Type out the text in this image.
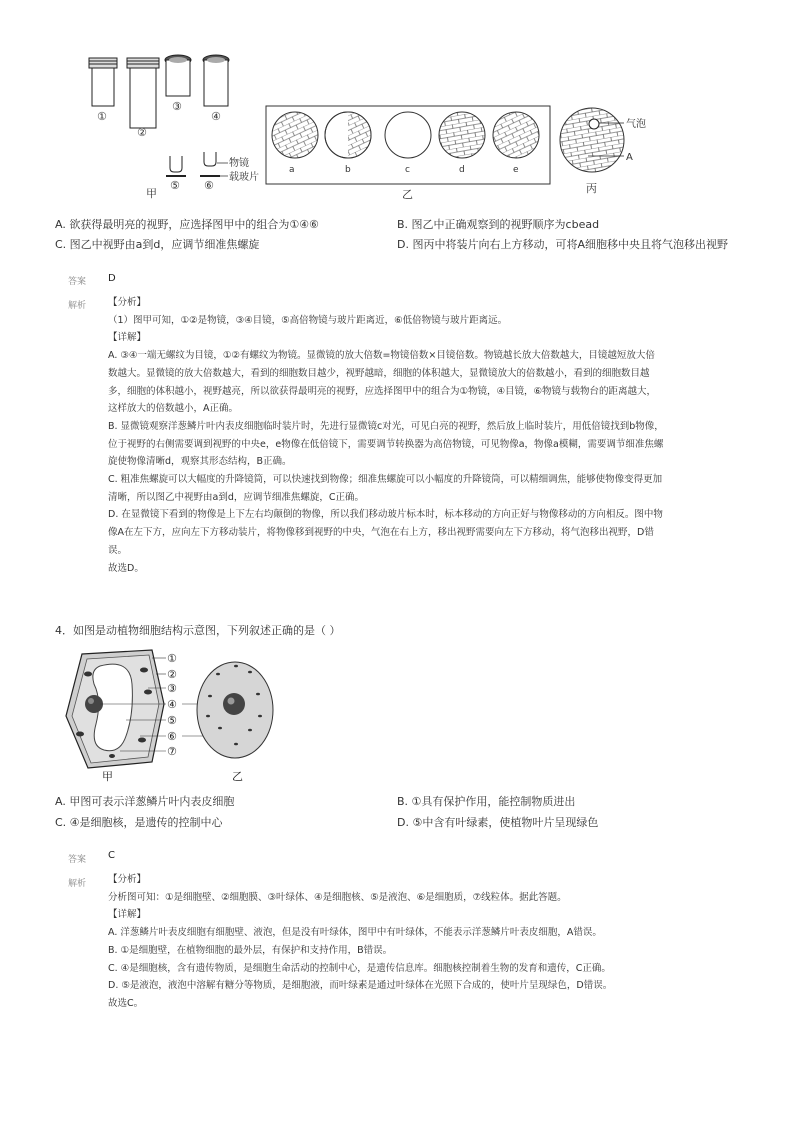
①
②
③
④
物镜
载玻片
⑤ ⑥
甲
a	b	c	d	e
乙
气泡
A
丙
A. 欲获得最明亮的视野，应选择图甲中的组合为①④⑥	B. 图乙中正确观察到的视野顺序为cbead
C. 图乙中视野由a到d，应调节细准焦螺旋	D. 图丙中将装片向右上方移动，可将A细胞移中央且将气泡移出视野
答案 D
解析 【分析】
（1）图甲可知，①②是物镜，③④目镜，⑤高倍物镜与玻片距离近，⑥低倍物镜与玻片距离远。
【详解】
A. ③④一端无螺纹为目镜，①②有螺纹为物镜。显微镜的放大倍数=物镜倍数×目镜倍数。物镜越长放大倍数越大，目镜越短放大倍
数越大。显微镜的放大倍数越大，看到的细胞数目越少，视野越暗，细胞的体积越大，显微镜放大的倍数越小，看到的细胞数目越
多，细胞的体积越小，视野越亮，所以欲获得最明亮的视野，应选择图甲中的组合为①物镜，④目镜，⑥物镜与载物台的距离越大，
这样放大的倍数越小，A正确。
B. 显微镜观察洋葱鳞片叶内表皮细胞临时装片时，先进行显微镜c对光，可见白亮的视野，然后放上临时装片，用低倍镜找到b物像，
位于视野的右侧需要调到视野的中央e，e物像在低倍镜下，需要调节转换器为高倍物镜，可见物像a，物像a模糊，需要调节细准焦螺
旋使物像清晰d，观察其形态结构，B正确。
C. 粗准焦螺旋可以大幅度的升降镜筒，可以快速找到物像；细准焦螺旋可以小幅度的升降镜筒，可以精细调焦，能够使物像变得更加
清晰，所以图乙中视野由a到d，应调节细准焦螺旋，C正确。
D. 在显微镜下看到的物像是上下左右均颠倒的物像，所以我们移动玻片标本时，标本移动的方向正好与物像移动的方向相反。图中物
像A在左下方，应向左下方移动装片，将物像移到视野的中央，气泡在右上方，移出视野需要向左下方移动，将气泡移出视野，D错
误。
故选D。
4．如图是动植物细胞结构示意图，下列叙述正确的是（ ）
①
②
③
④
⑤
⑥
⑦
甲	乙
A. 甲图可表示洋葱鳞片叶内表皮细胞	B. ①具有保护作用，能控制物质进出
C. ④是细胞核，是遗传的控制中心	D. ⑤中含有叶绿素，使植物叶片呈现绿色
答案 C
解析 【分析】
分析图可知：①是细胞壁、②细胞膜、③叶绿体、④是细胞核、⑤是液泡、⑥是细胞质，⑦线粒体。据此答题。
【详解】
A. 洋葱鳞片叶表皮细胞有细胞壁、液泡，但是没有叶绿体，图甲中有叶绿体，不能表示洋葱鳞片叶表皮细胞，A错误。
B. ①是细胞壁，在植物细胞的最外层，有保护和支持作用，B错误。
C. ④是细胞核，含有遗传物质，是细胞生命活动的控制中心，是遗传信息库。细胞核控制着生物的发育和遗传，C正确。
D. ⑤是液泡，液泡中溶解有糖分等物质，是细胞液，而叶绿素是通过叶绿体在光照下合成的，使叶片呈现绿色，D错误。
故选C。
